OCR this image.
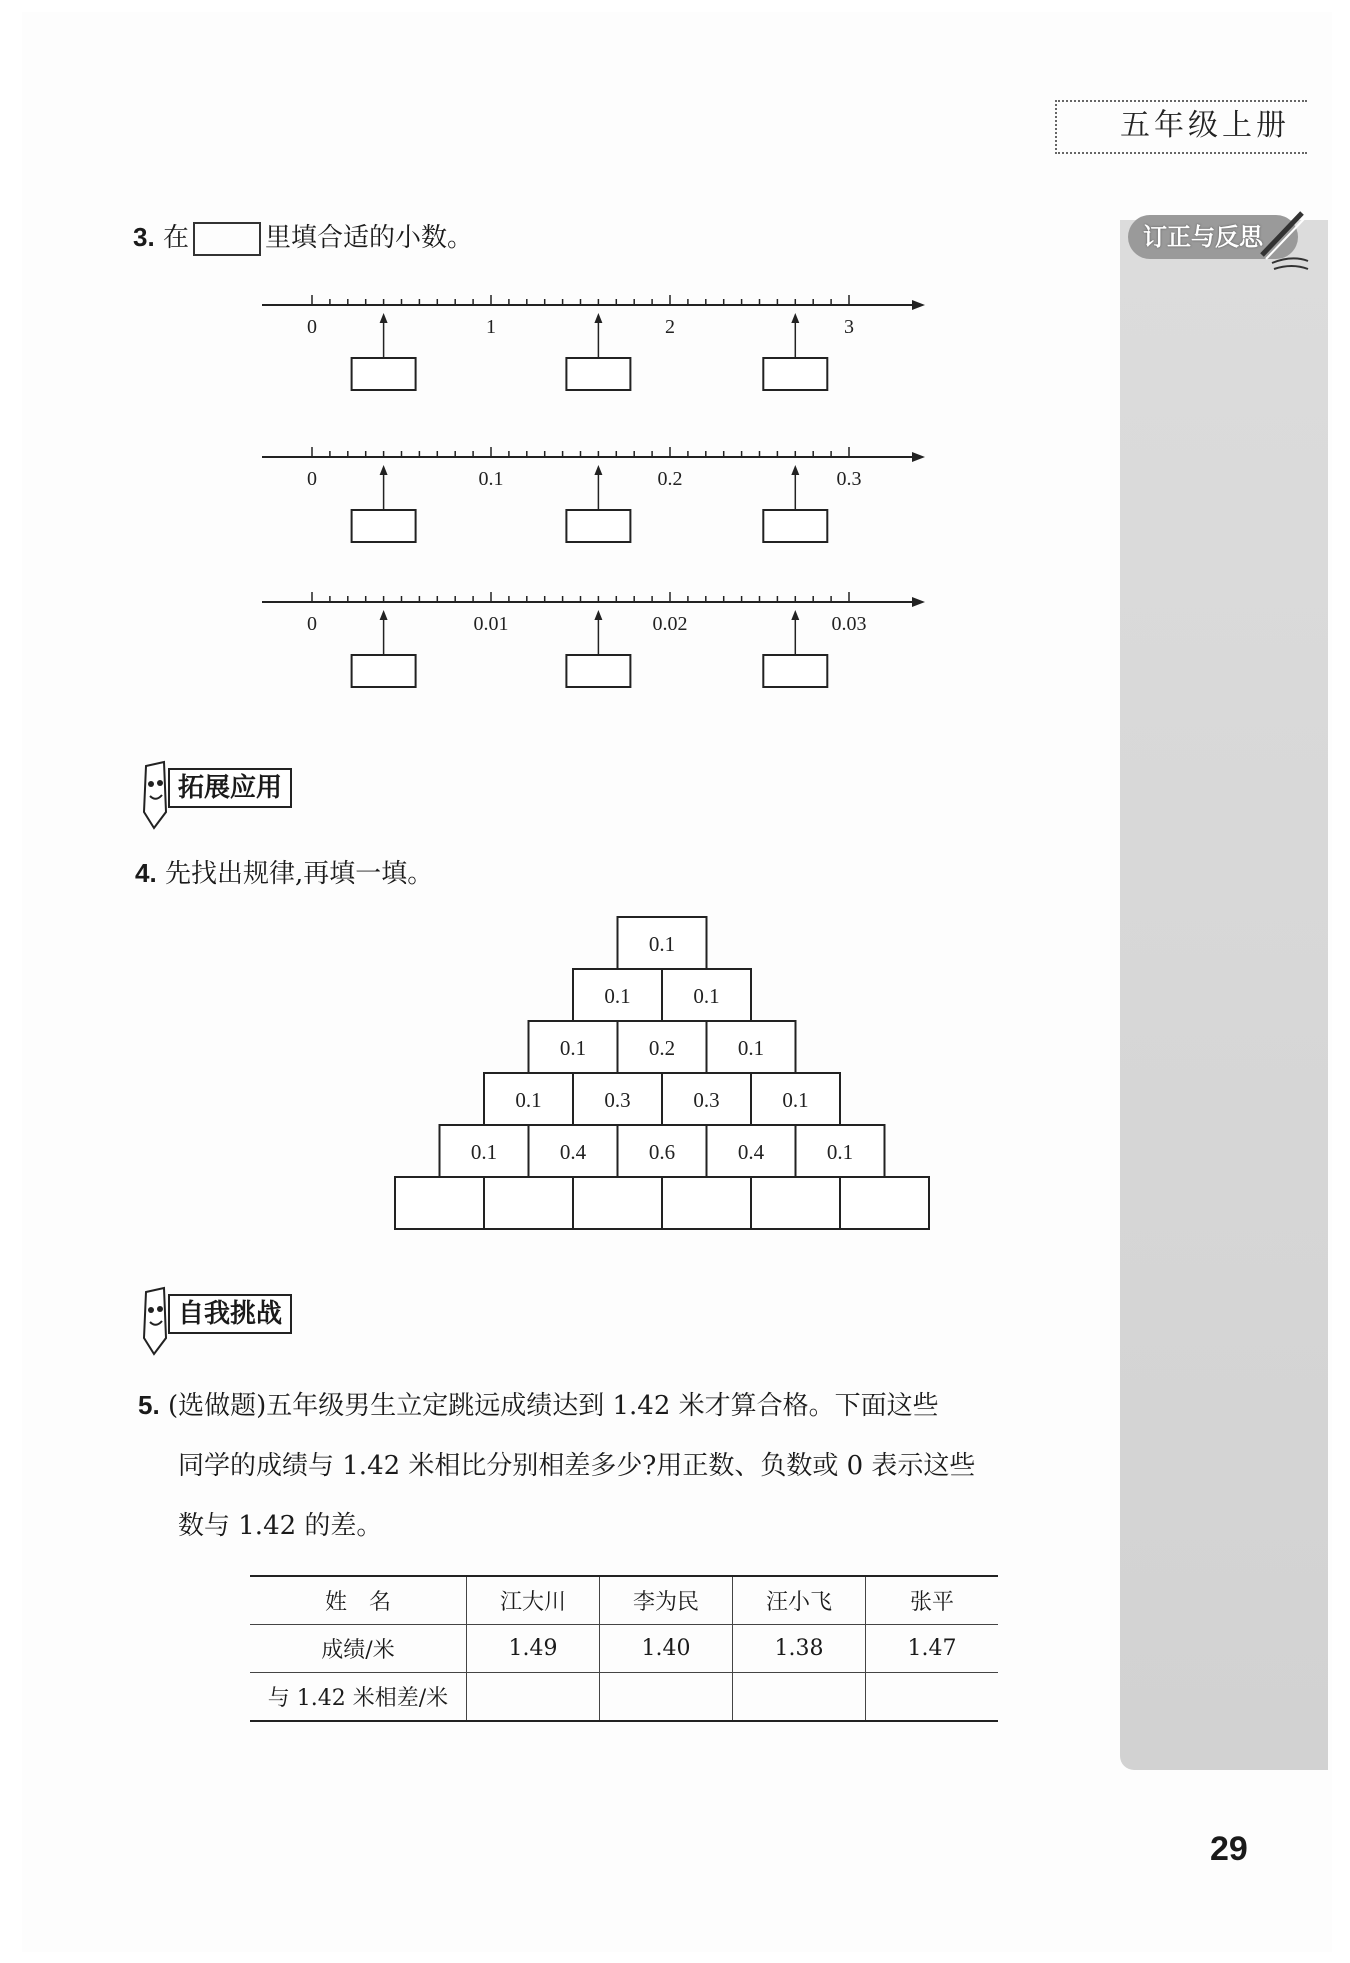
五年级上册
订正与反思
3. 在	里填合适的小数。
0	1	2	3
0	0.1	0.2	0.3
0	0.01	0.02	0.03
拓展应用
4. 先找出规律,再填一填。
0.1
0.1	0.1
0.1	0.2	0.1
0.1	0.3	0.3	0.1
0.1	0.4	0.6	0.4	0.1
自我挑战
5. (选做题)五年级男生立定跳远成绩达到 1.42 米才算合格。下面这些
同学的成绩与 1.42 米相比分别相差多少?用正数、负数或 0 表示这些
数与 1.42 的差。
姓　名	江大川	李为民	汪小飞	张平
成绩/米	1.49	1.40	1.38	1.47
与 1.42 米相差/米				
29
